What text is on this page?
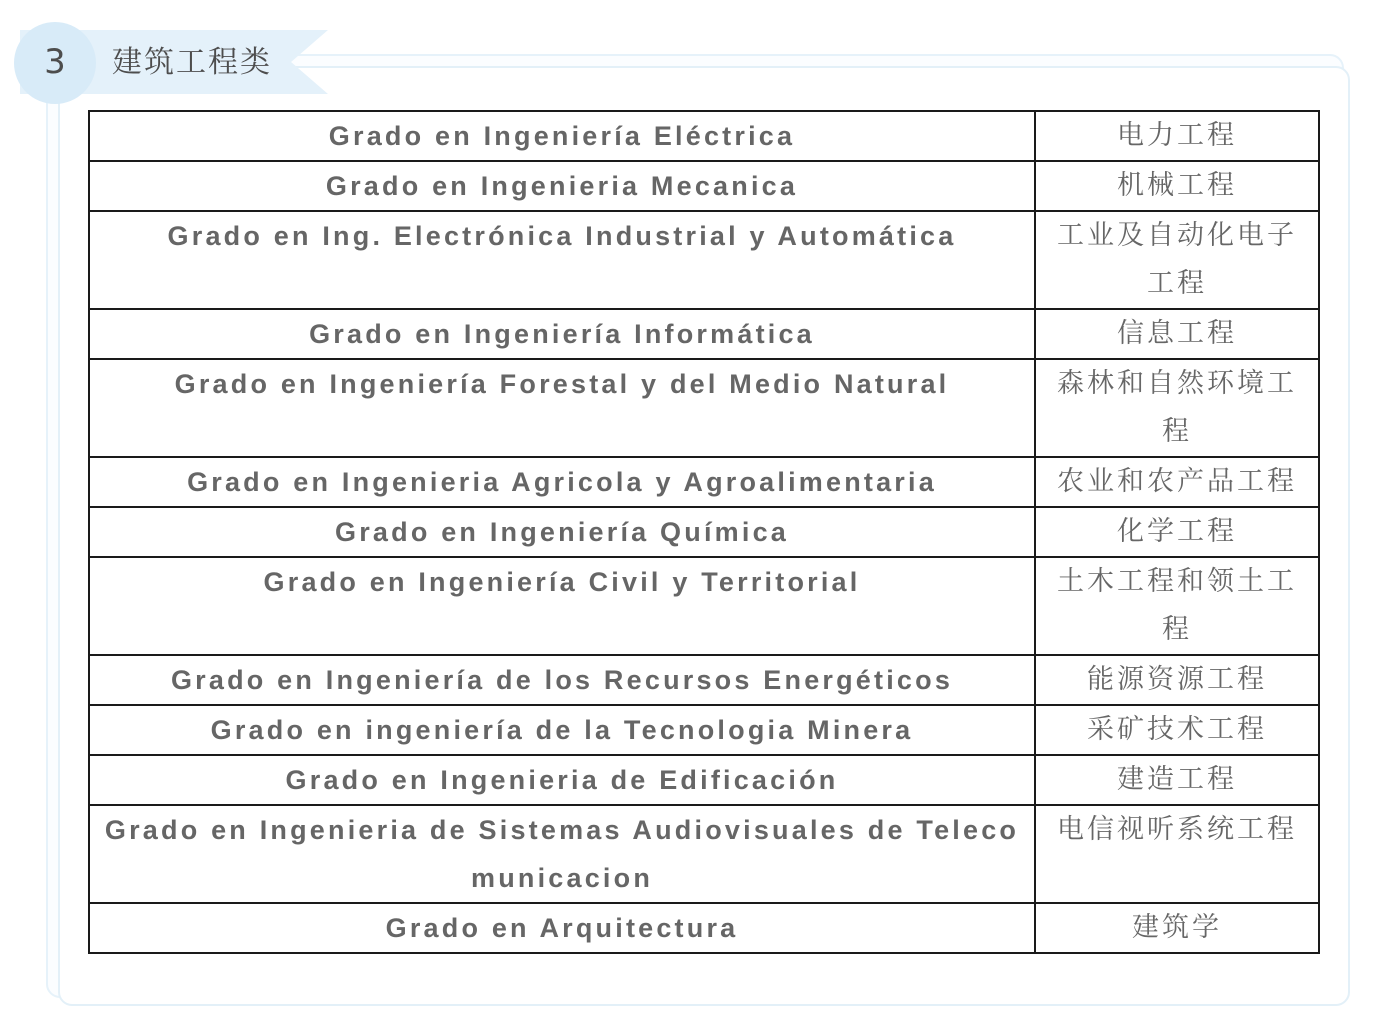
3	建筑工程类
Grado en Ingeniería Eléctrica	电力工程
Grado en Ingenieria Mecanica	机械工程
Grado en Ing. Electrónica Industrial y Automática	工业及自动化电子工程
Grado en Ingeniería Informática	信息工程
Grado en Ingeniería Forestal y del Medio Natural	森林和自然环境工程
Grado en Ingenieria Agricola y Agroalimentaria	农业和农产品工程
Grado en Ingeniería Química	化学工程
Grado en Ingeniería Civil y Territorial	土木工程和领土工程
Grado en Ingeniería de los Recursos Energéticos	能源资源工程
Grado en ingeniería de la Tecnologia Minera	采矿技术工程
Grado en Ingenieria de Edificación	建造工程
Grado en Ingenieria de Sistemas Audiovisuales de Telecomunicacion	电信视听系统工程
Grado en Arquitectura	建筑学
